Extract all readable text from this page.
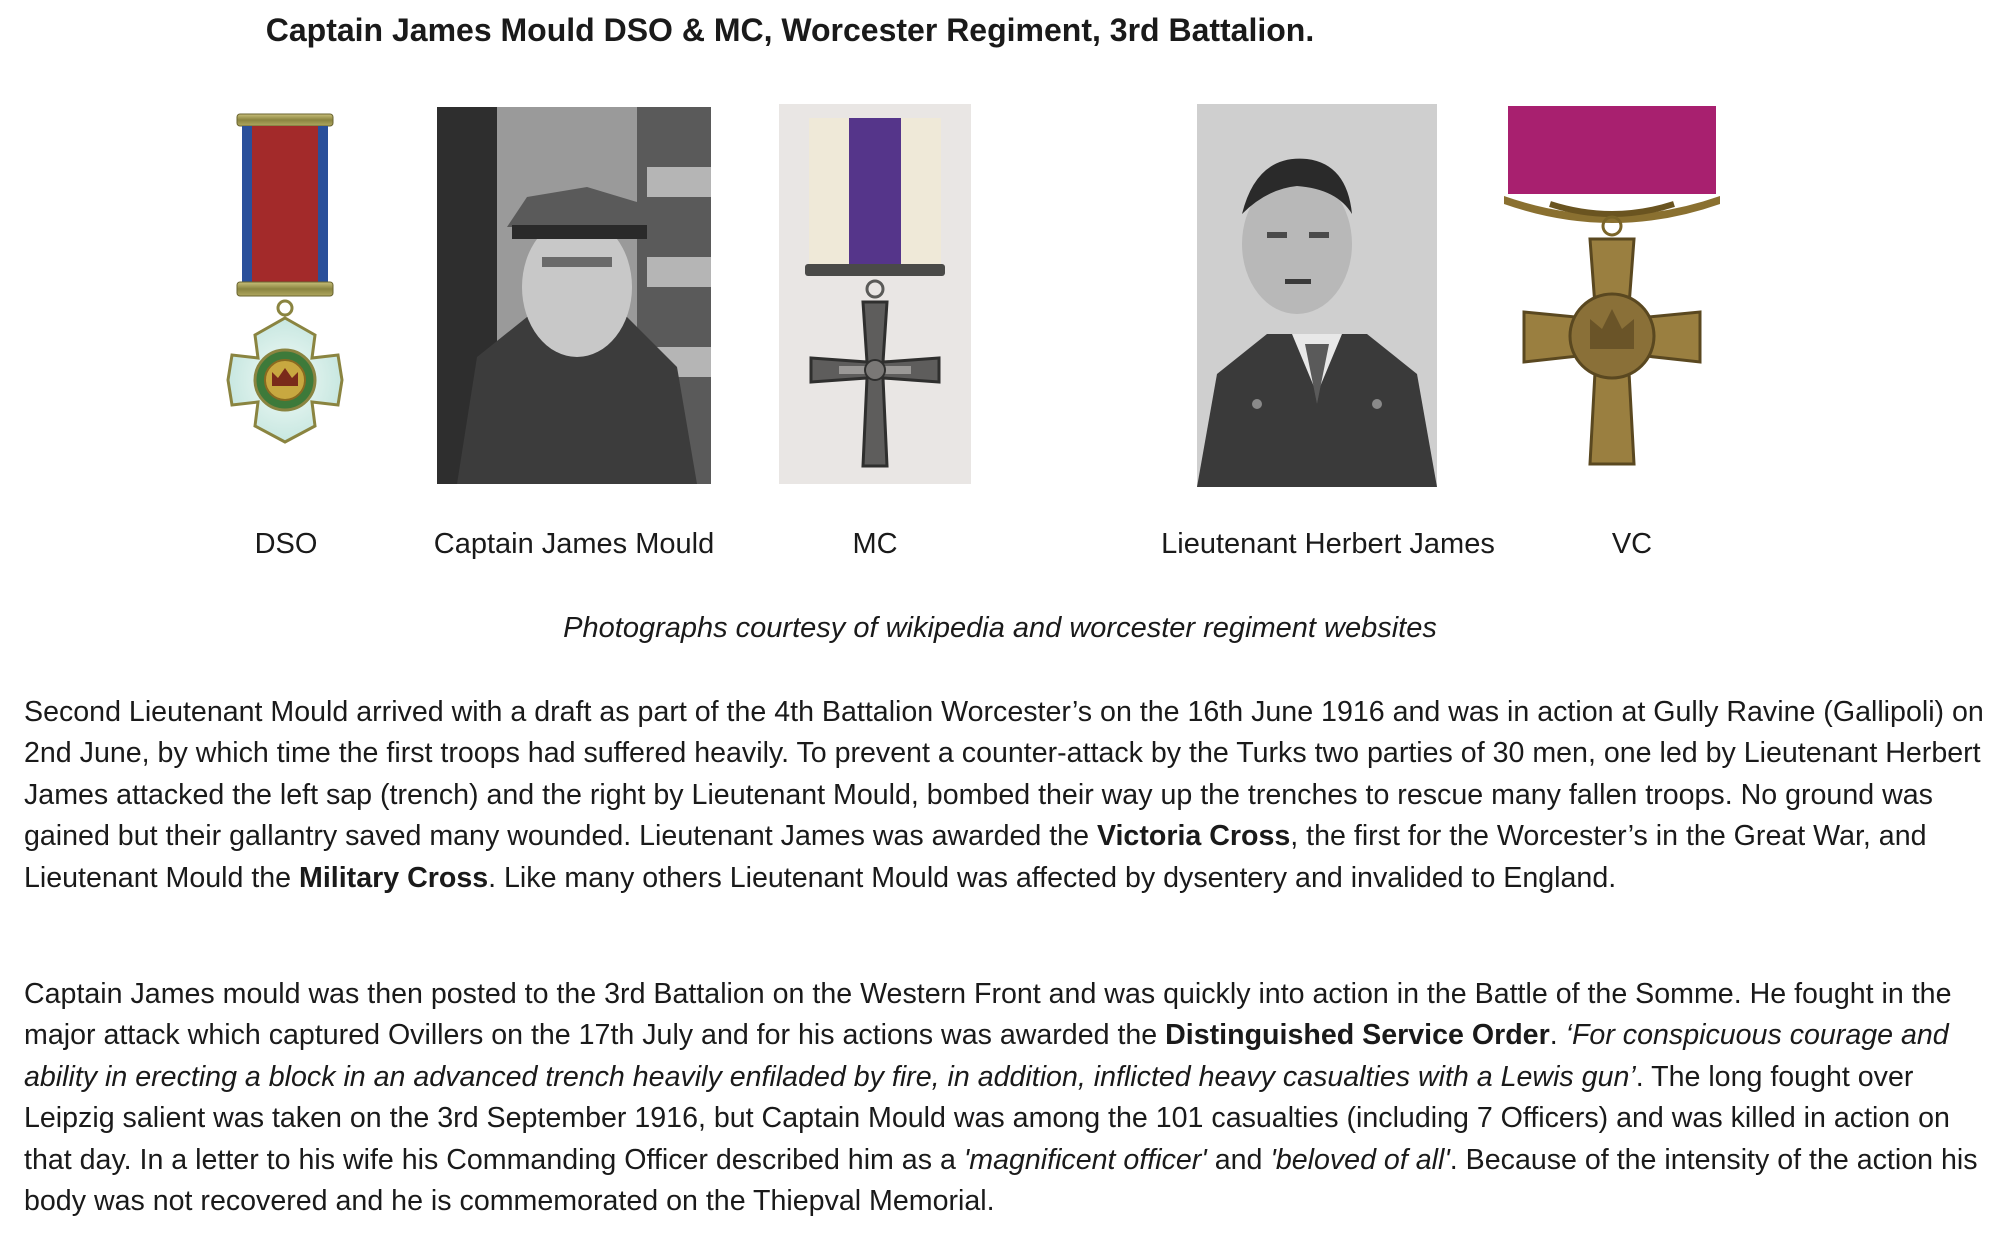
Captain James Mould DSO & MC, Worcester Regiment, 3rd Battalion.
DSO	Captain James Mould	MC	Lieutenant Herbert James	VC
Photographs courtesy of wikipedia and worcester regiment websites
Second Lieutenant Mould arrived with a draft as part of the 4th Battalion Worcester’s on the 16th June 1916 and was in action at Gully Ravine (Gallipoli) on 2nd June, by which time the first troops had suffered heavily. To prevent a counter-attack by the Turks two parties of 30 men, one led by Lieutenant Herbert James attacked the left sap (trench) and the right by Lieutenant Mould, bombed their way up the trenches to rescue many fallen troops. No ground was gained but their gallantry saved many wounded. Lieutenant James was awarded the Victoria Cross, the first for the Worcester’s in the Great War, and Lieutenant Mould the Military Cross. Like many others Lieutenant Mould was affected by dysentery and invalided to England.
Captain James mould was then posted to the 3rd Battalion on the Western Front and was quickly into action in the Battle of the Somme. He fought in the major attack which captured Ovillers on the 17th July and for his actions was awarded the Distinguished Service Order. ‘For conspicuous courage and ability in erecting a block in an advanced trench heavily enfiladed by fire, in addition, inflicted heavy casualties with a Lewis gun’. The long fought over Leipzig salient was taken on the 3rd September 1916, but Captain Mould was among the 101 casualties (including 7 Officers) and was killed in action on that day. In a letter to his wife his Commanding Officer described him as a 'magnificent officer' and 'beloved of all'. Because of the intensity of the action his body was not recovered and he is commemorated on the Thiepval Memorial.
